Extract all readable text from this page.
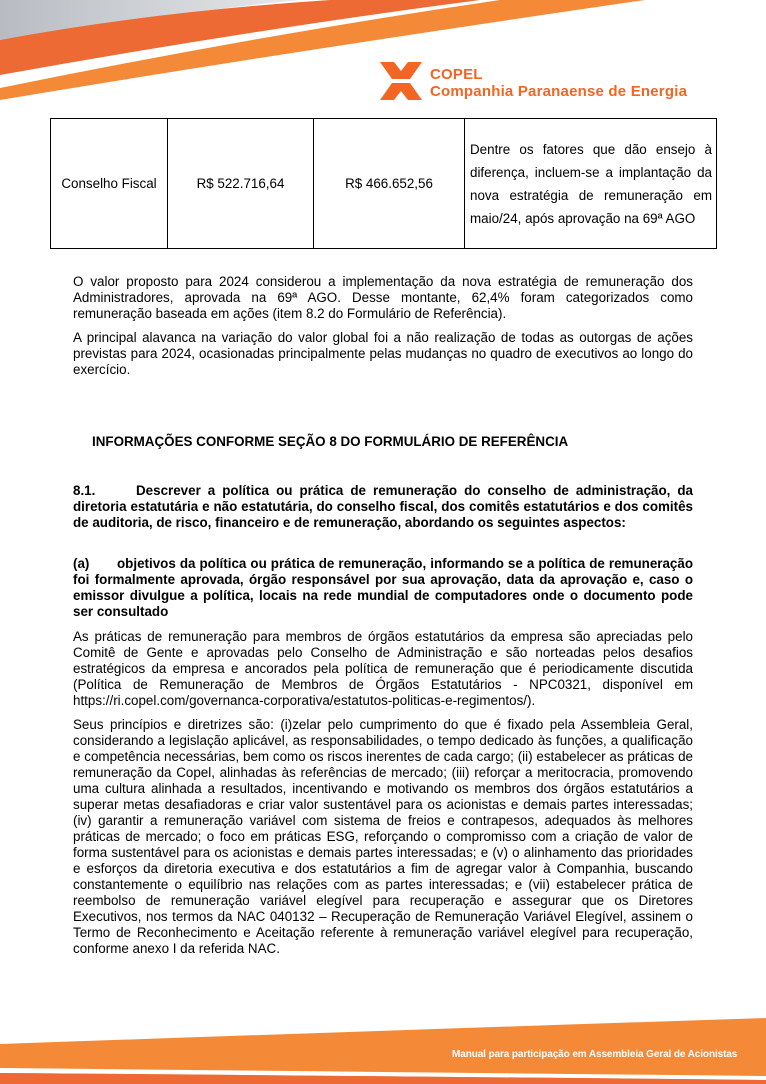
COPEL
Companhia Paranaense de Energia
Conselho Fiscal	R$ 522.716,64	R$ 466.652,56	Dentre os fatores que dão ensejo à diferença, incluem-se a implantação da nova estratégia de remuneração em maio/24, após aprovação na 69ª AGO

O valor proposto para 2024 considerou a implementação da nova estratégia de remuneração dos Administradores, aprovada na 69ª AGO. Desse montante, 62,4% foram categorizados como remuneração baseada em ações (item 8.2 do Formulário de Referência).

A principal alavanca na variação do valor global foi a não realização de todas as outorgas de ações previstas para 2024, ocasionadas principalmente pelas mudanças no quadro de executivos ao longo do exercício.

INFORMAÇÕES CONFORME SEÇÃO 8 DO FORMULÁRIO DE REFERÊNCIA
8.1.	Descrever a política ou prática de remuneração do conselho de administração, da diretoria estatutária e não estatutária, do conselho fiscal, dos comitês estatutários e dos comitês de auditoria, de risco, financeiro e de remuneração, abordando os seguintes aspectos:
(a) objetivos da política ou prática de remuneração, informando se a política de remuneração foi formalmente aprovada, órgão responsável por sua aprovação, data da aprovação e, caso o emissor divulgue a política, locais na rede mundial de computadores onde o documento pode ser consultado

As práticas de remuneração para membros de órgãos estatutários da empresa são apreciadas pelo Comitê de Gente e aprovadas pelo Conselho de Administração e são norteadas pelos desafios estratégicos da empresa e ancorados pela política de remuneração que é periodicamente discutida (Política de Remuneração de Membros de Órgãos Estatutários - NPC0321, disponível em https://ri.copel.com/governanca-corporativa/estatutos-politicas-e-regimentos/).

Seus princípios e diretrizes são: (i)zelar pelo cumprimento do que é fixado pela Assembleia Geral, considerando a legislação aplicável, as responsabilidades, o tempo dedicado às funções, a qualificação e competência necessárias, bem como os riscos inerentes de cada cargo; (ii) estabelecer as práticas de remuneração da Copel, alinhadas às referências de mercado; (iii) reforçar a meritocracia, promovendo uma cultura alinhada a resultados, incentivando e motivando os membros dos órgãos estatutários a superar metas desafiadoras e criar valor sustentável para os acionistas e demais partes interessadas; (iv) garantir a remuneração variável com sistema de freios e contrapesos, adequados às melhores práticas de mercado; o foco em práticas ESG, reforçando o compromisso com a criação de valor de forma sustentável para os acionistas e demais partes interessadas; e (v) o alinhamento das prioridades e esforços da diretoria executiva e dos estatutários a fim de agregar valor à Companhia, buscando constantemente o equilíbrio nas relações com as partes interessadas; e (vii) estabelecer prática de reembolso de remuneração variável elegível para recuperação e assegurar que os Diretores Executivos, nos termos da NAC 040132 – Recuperação de Remuneração Variável Elegível, assinem o Termo de Reconhecimento e Aceitação referente à remuneração variável elegível para recuperação, conforme anexo I da referida NAC.

Manual para participação em Assembleia Geral de Acionistas
